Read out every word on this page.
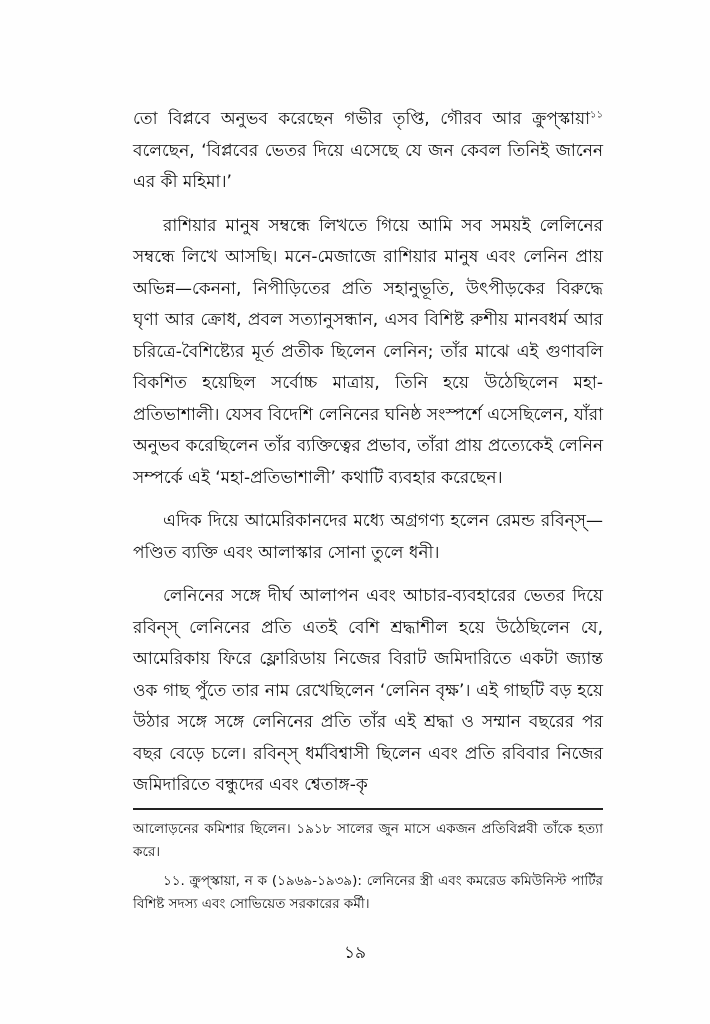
তো বিপ্লবে অনুভব করেছেন গভীর তৃপ্তি, গৌরব আর ক্রুপ্স্কায়া$^{১১}$ বলেছেন, ‘বিপ্লবের ভেতর দিয়ে এসেছে যে জন কেবল তিনিই জানেন এর কী মহিমা।’

রাশিয়ার মানুষ সম্বন্ধে লিখতে গিয়ে আমি সব সময়ই লেলিনের সম্বন্ধে লিখে আসছি। মনে-মেজাজে রাশিয়ার মানুষ এবং লেনিন প্রায় অভিন্ন—কেননা, নিপীড়িতের প্রতি সহানুভূতি, উৎপীড়কের বিরুদ্ধে ঘৃণা আর ক্রোধ, প্রবল সত্যানুসন্ধান, এসব বিশিষ্ট রুশীয় মানবধর্ম আর চরিত্রে-বৈশিষ্ট্যের মূর্ত প্রতীক ছিলেন লেনিন; তাঁর মাঝে এই গুণাবলি বিকশিত হয়েছিল সর্বোচ্চ মাত্রায়, তিনি হয়ে উঠেছিলেন মহা-প্রতিভাশালী। যেসব বিদেশি লেনিনের ঘনিষ্ঠ সংস্পর্শে এসেছিলেন, যাঁরা অনুভব করেছিলেন তাঁর ব্যক্তিত্বের প্রভাব, তাঁরা প্রায় প্রত্যেকেই লেনিন সম্পর্কে এই ‘মহা-প্রতিভাশালী’ কথাটি ব্যবহার করেছেন।

এদিক দিয়ে আমেরিকানদের মধ্যে অগ্রগণ্য হলেন রেমন্ড রবিন্স্—পণ্ডিত ব্যক্তি এবং আলাস্কার সোনা তুলে ধনী।

লেনিনের সঙ্গে দীর্ঘ আলাপন এবং আচার-ব্যবহারের ভেতর দিয়ে রবিন্স্ লেনিনের প্রতি এতই বেশি শ্রদ্ধাশীল হয়ে উঠেছিলেন যে, আমেরিকায় ফিরে ফ্লোরিডায় নিজের বিরাট জমিদারিতে একটা জ্যান্ত ওক গাছ পুঁতে তার নাম রেখেছিলেন ‘লেনিন বৃক্ষ’। এই গাছটি বড় হয়ে উঠার সঙ্গে সঙ্গে লেনিনের প্রতি তাঁর এই শ্রদ্ধা ও সম্মান বছরের পর বছর বেড়ে চলে। রবিন্স্ ধর্মবিশ্বাসী ছিলেন এবং প্রতি রবিবার নিজের জমিদারিতে বন্ধুদের এবং শ্বেতাঙ্গ-কৃ

আলোড়নের কমিশার ছিলেন। ১৯১৮ সালের জুন মাসে একজন প্রতিবিপ্লবী তাঁকে হত্যা করে।

১১. ক্রুপ্স্কায়া, ন ক (১৯৬৯-১৯৩৯): লেনিনের স্ত্রী এবং কমরেড কমিউনিস্ট পার্টির বিশিষ্ট সদস্য এবং সোভিয়েত সরকারের কর্মী।

১৯
